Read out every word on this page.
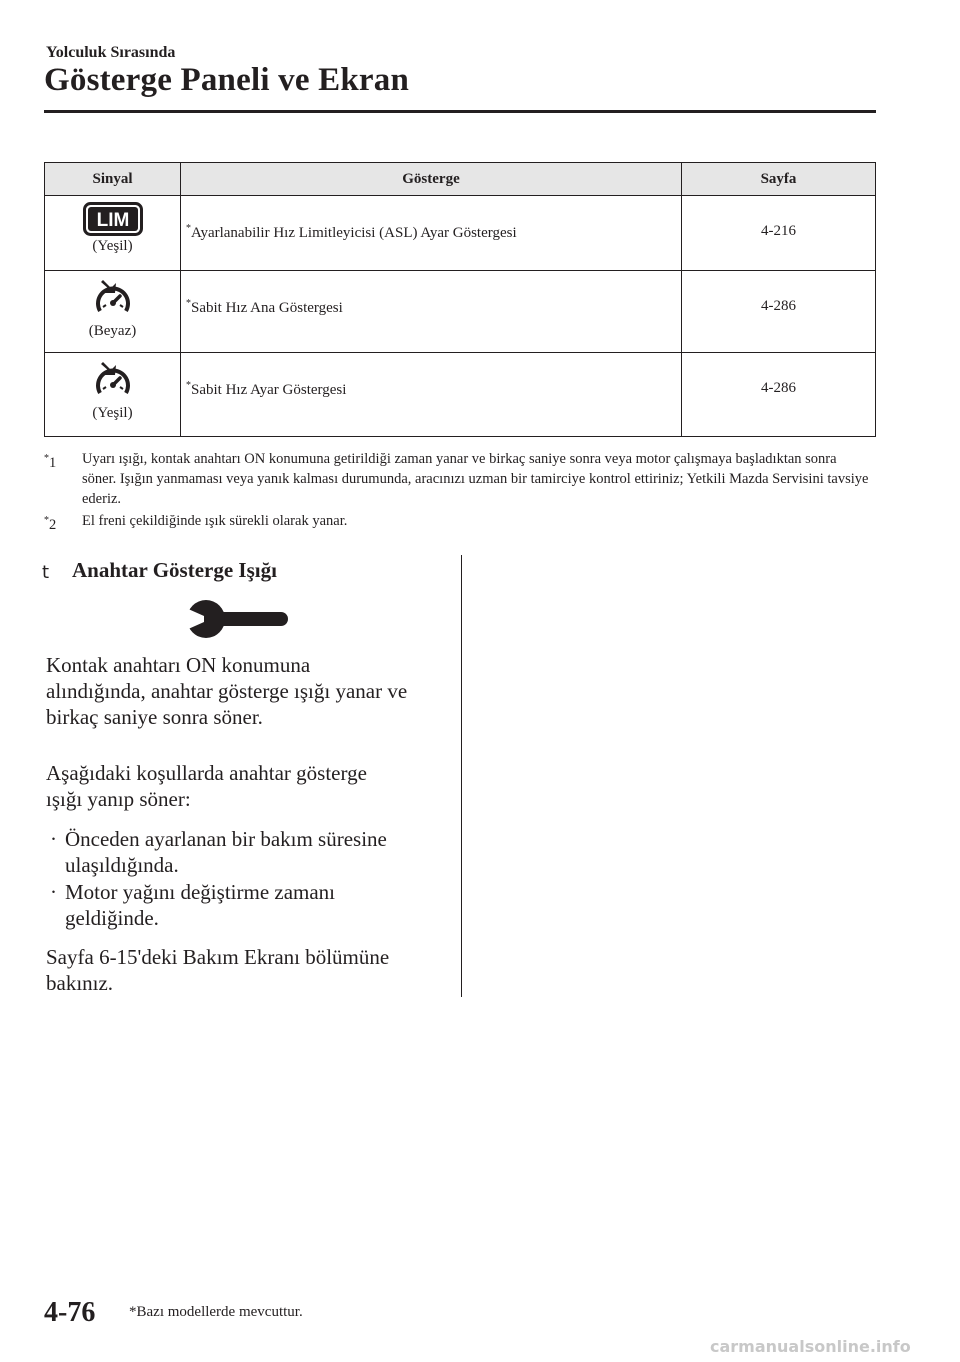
Yolculuk Sırasında
Gösterge Paneli ve Ekran
Sinyal	Gösterge	Sayfa

LIM
(Yeşil)	*Ayarlanabilir Hız Limitleyicisi (ASL) Ayar Göstergesi	4-216

(Beyaz)	*Sabit Hız Ana Göstergesi	4-286

(Yeşil)	*Sabit Hız Ayar Göstergesi	4-286
*1 Uyarı ışığı, kontak anahtarı ON konumuna getirildiği zaman yanar ve birkaç saniye sonra veya motor çalışmaya başladıktan sonra söner. Işığın yanmaması veya yanık kalması durumunda, aracınızı uzman bir tamirciye kontrol ettiriniz; Yetkili Mazda Servisini tavsiye ederiz.
*2 El freni çekildiğinde ışık sürekli olarak yanar.
t Anahtar Gösterge Işığı
Kontak anahtarı ON konumuna
alındığında, anahtar gösterge ışığı yanar ve
birkaç saniye sonra söner.
Aşağıdaki koşullarda anahtar gösterge
ışığı yanıp söner:
· Önceden ayarlanan bir bakım süresine
ulaşıldığında.
· Motor yağını değiştirme zamanı
geldiğinde.
Sayfa 6-15'deki Bakım Ekranı bölümüne
bakınız.
4-76 *Bazı modellerde mevcuttur.
carmanualsonline.info
